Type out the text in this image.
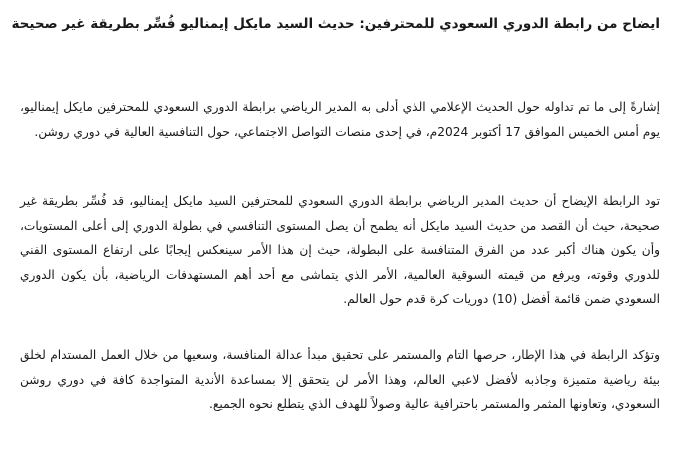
ايضاح من رابطة الدوري السعودي للمحترفين: حديث السيد مايكل إيمناليو فُسِّر بطريقة غير صحيحة

إشارةً إلى ما تم تداوله حول الحديث الإعلامي الذي أدلى به المدير الرياضي برابطة الدوري السعودي للمحترفين مايكل إيمناليو، يوم أمس الخميس الموافق 17 أكتوبر 2024م، في إحدى منصات التواصل الاجتماعي، حول التنافسية العالية في دوري روشن.

تود الرابطة الإيضاح أن حديث المدير الرياضي برابطة الدوري السعودي للمحترفين السيد مايكل إيمناليو، قد فُسِّر بطريقة غير صحيحة، حيث أن القصد من حديث السيد مايكل أنه يطمح أن يصل المستوى التنافسي في بطولة الدوري إلى أعلى المستويات، وأن يكون هناك أكبر عدد من الفرق المتنافسة على البطولة، حيث إن هذا الأمر سينعكس إيجابًا على ارتفاع المستوى الفني للدوري وقوته، ويرفع من قيمته السوقية العالمية، الأمر الذي يتماشى مع أحد أهم المستهدفات الرياضية، بأن يكون الدوري السعودي ضمن قائمة أفضل (10) دوريات كرة قدم حول العالم.

وتؤكد الرابطة في هذا الإطار، حرصها التام والمستمر على تحقيق مبدأ عدالة المنافسة، وسعيها من خلال العمل المستدام لخلق بيئة رياضية متميزة وجاذبه لأفضل لاعبي العالم، وهذا الأمر لن يتحقق إلا بمساعدة الأندية المتواجدة كافة في دوري روشن السعودي، وتعاونها المثمر والمستمر باحترافية عالية وصولاً للهدف الذي يتطلع نحوه الجميع.
